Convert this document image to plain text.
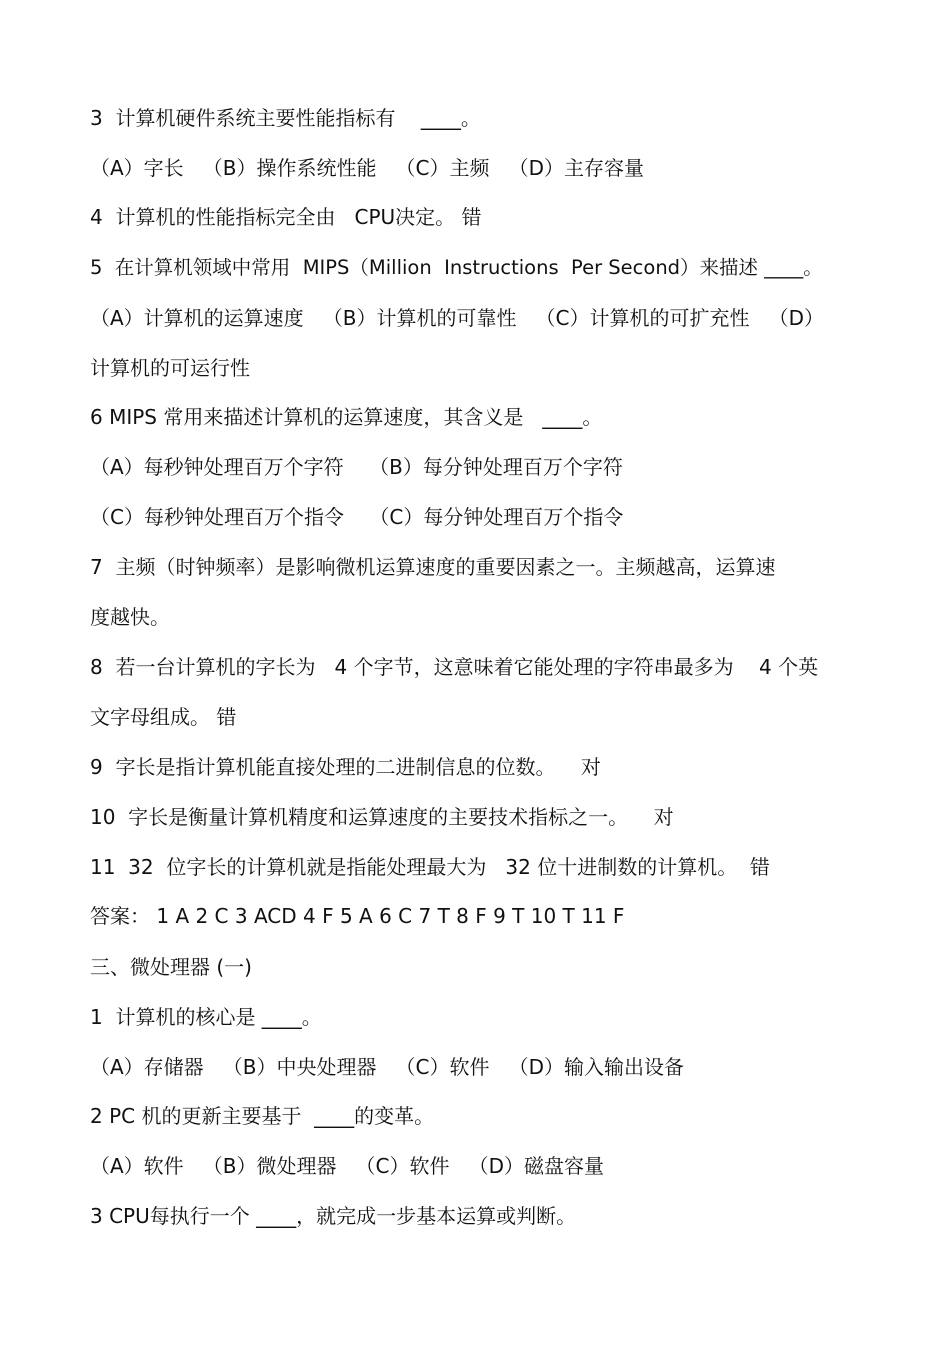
3  计算机硬件系统主要性能指标有    ____。
（A）字长   （B）操作系统性能   （C）主频   （D）主存容量
4  计算机的性能指标完全由   CPU决定。 错
5  在计算机领域中常用  MIPS（Million  Instructions  Per Second）来描述 ____。
（A）计算机的运算速度   （B）计算机的可靠性   （C）计算机的可扩充性   （D）
计算机的可运行性
6 MIPS 常用来描述计算机的运算速度，其含义是   ____。
（A）每秒钟处理百万个字符    （B）每分钟处理百万个字符
（C）每秒钟处理百万个指令    （C）每分钟处理百万个指令
7  主频（时钟频率）是影响微机运算速度的重要因素之一。主频越高，运算速
度越快。
8  若一台计算机的字长为   4 个字节，这意味着它能处理的字符串最多为    4 个英
文字母组成。 错
9  字长是指计算机能直接处理的二进制信息的位数。    对
10  字长是衡量计算机精度和运算速度的主要技术指标之一。    对
11  32  位字长的计算机就是指能处理最大为   32 位十进制数的计算机。  错
答案： 1 A 2 C 3 ACD 4 F 5 A 6 C 7 T 8 F 9 T 10 T 11 F
三、微处理器 (一)
1  计算机的核心是 ____。
（A）存储器   （B）中央处理器   （C）软件   （D）输入输出设备
2 PC 机的更新主要基于  ____的变革。
（A）软件   （B）微处理器   （C）软件   （D）磁盘容量
3 CPU每执行一个 ____，就完成一步基本运算或判断。
